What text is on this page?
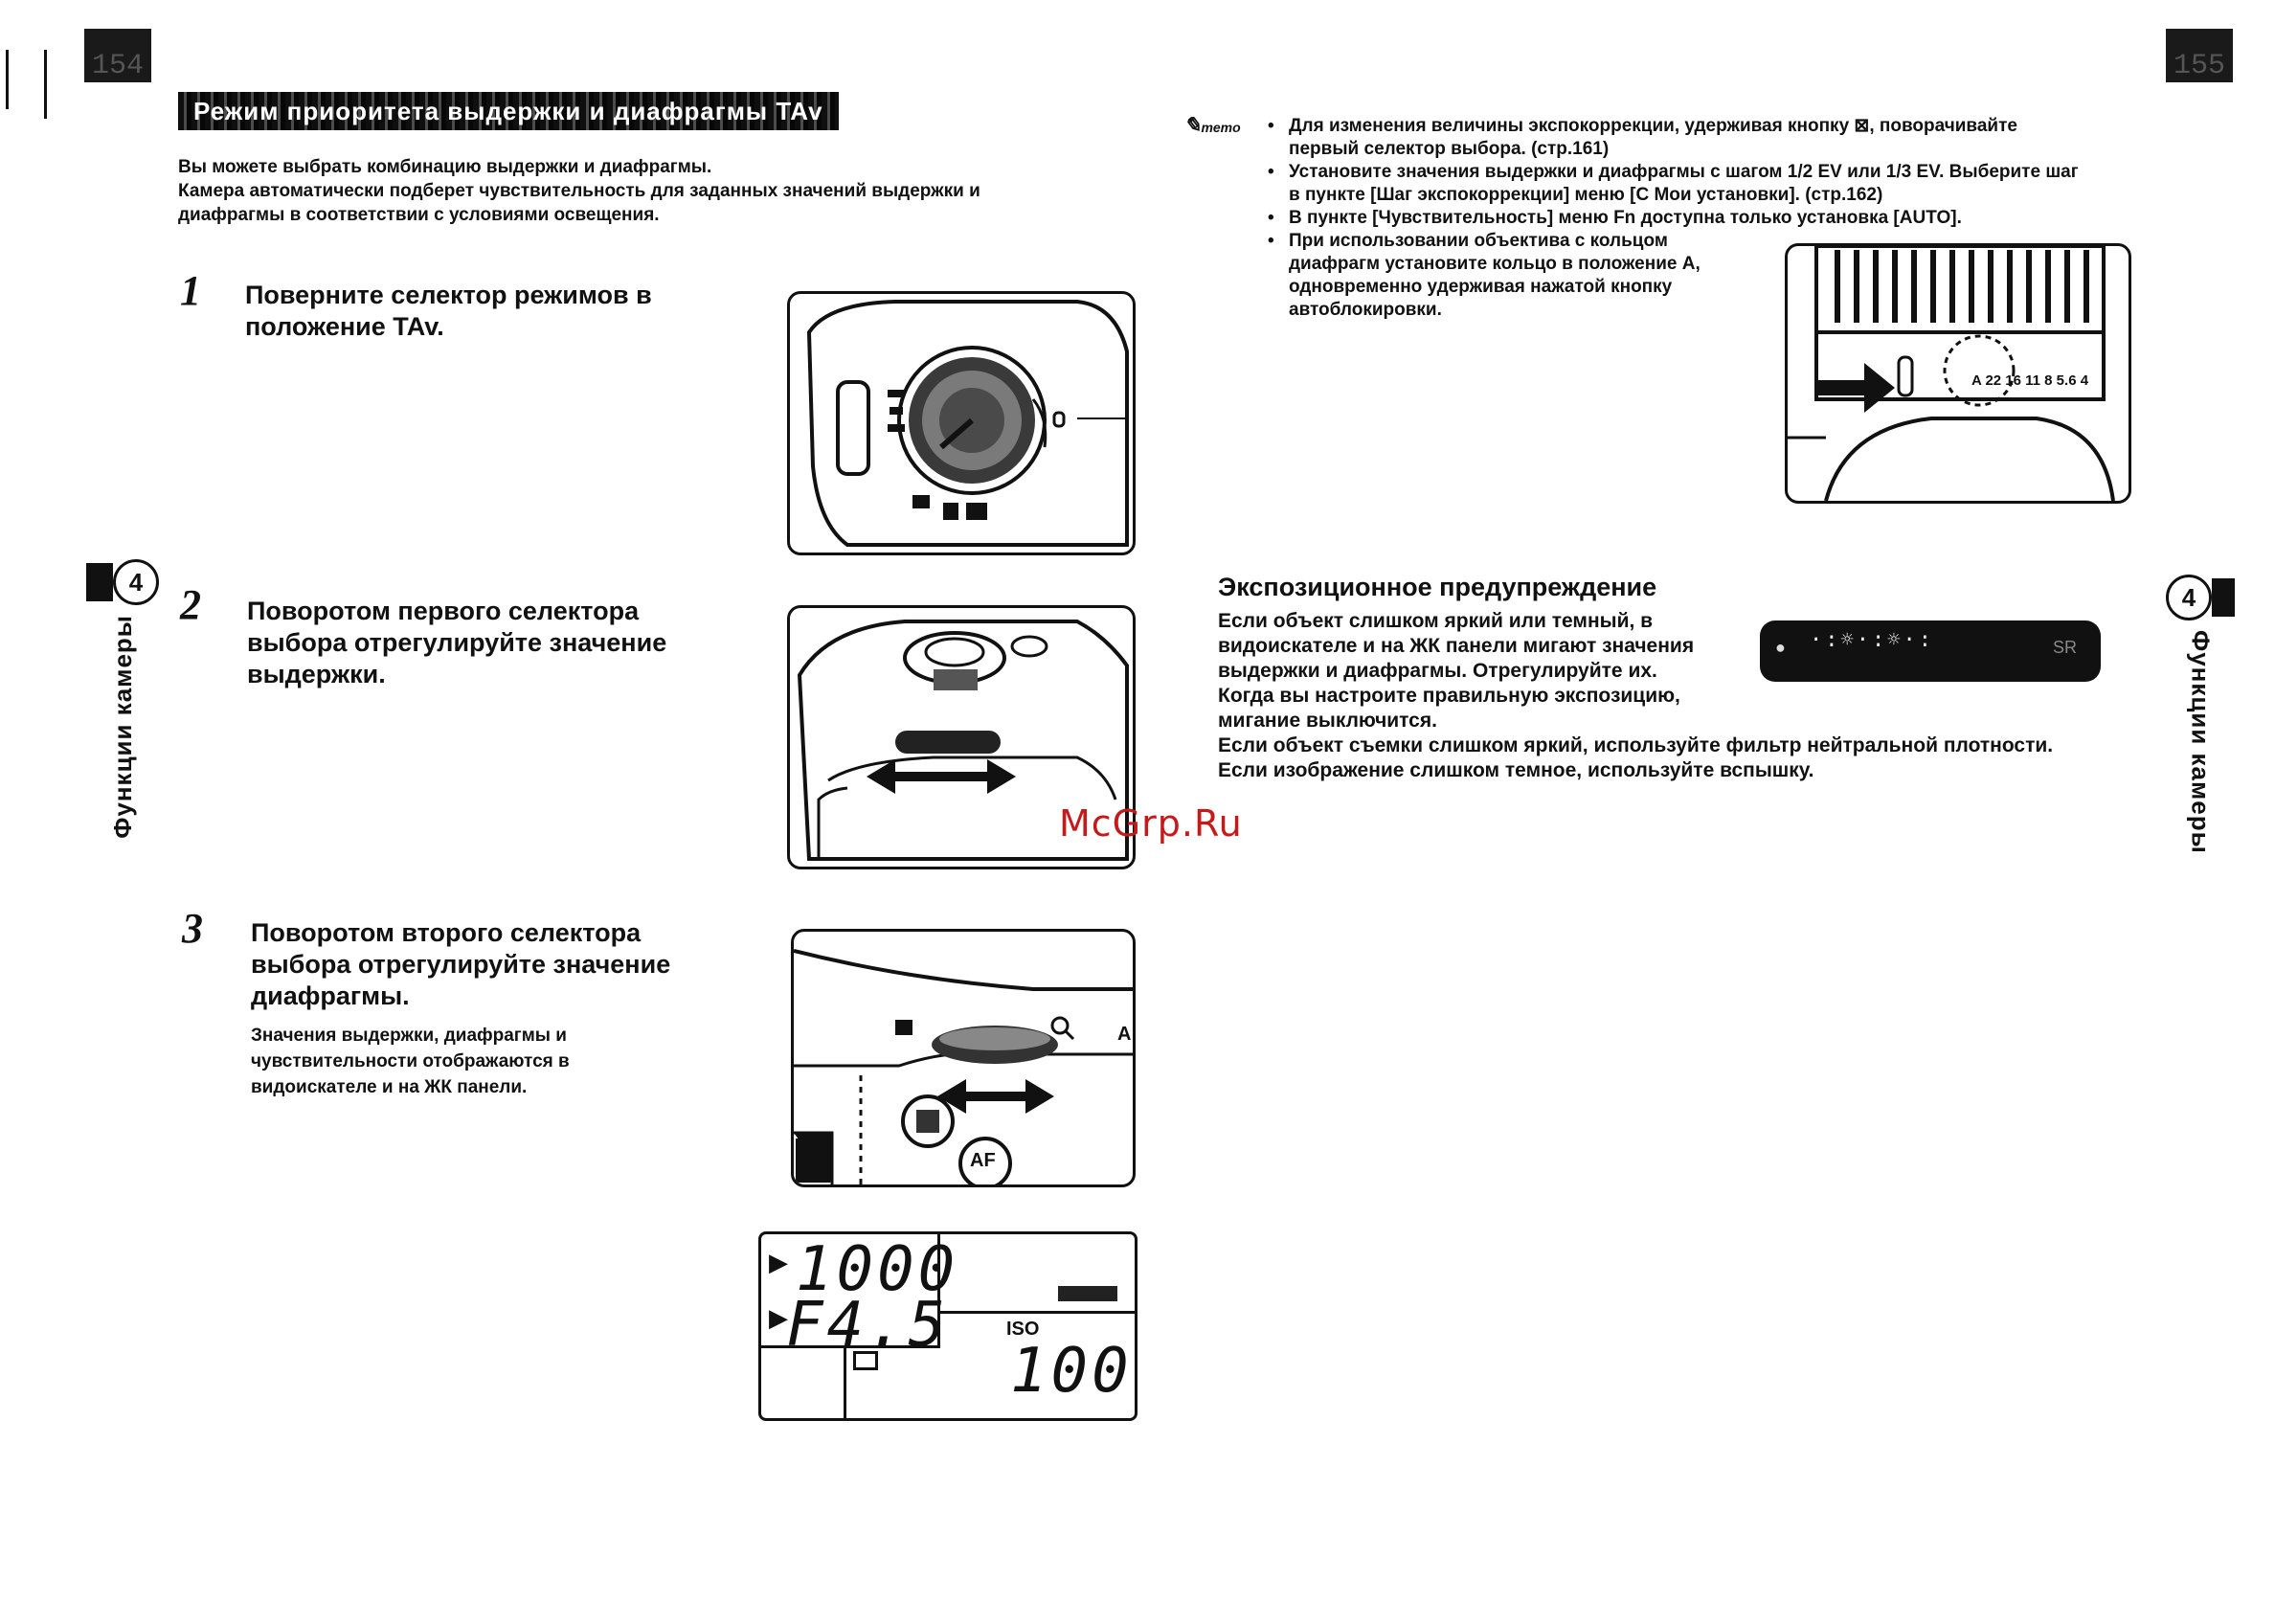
154
Режим приоритета выдержки и диафрагмы TAv
Вы можете выбрать комбинацию выдержки и диафрагмы.
Камера автоматически подберет чувствительность для заданных значений выдержки и
диафрагмы в соответствии с условиями освещения.
1 Поверните селектор режимов в
положение TAv.
2 Поворотом первого селектора
выбора отрегулируйте значение
выдержки.
3 Поворотом второго селектора
выбора отрегулируйте значение
диафрагмы.
Значения выдержки, диафрагмы и
чувствительности отображаются в
видоискателе и на ЖК панели.
AF
A
▶ 1000
▶
F4.5	ISO
100
4
Функции камеры
155
✎memo
•	Для изменения величины экспокоррекции, удерживая кнопку ⊠, поворачивайте
первый селектор выбора. (стр.161)
• Установите значения выдержки и диафрагмы с шагом 1/2 EV или 1/3 EV. Выберите шаг
в пункте [Шаг экспокоррекции] меню [C Мои установки]. (стр.162)
• В пункте [Чувствительность] меню Fn доступна только установка [AUTO].
• При использовании объектива с кольцом
диафрагм установите кольцо в положение A,
одновременно удерживая нажатой кнопку
автоблокировки.
A 22 16 11 8 5.6 4
Экспозиционное предупреждение
Если объект слишком яркий или темный, в
видоискателе и на ЖК панели мигают значения
выдержки и диафрагмы. Отрегулируйте их.
Когда вы настроите правильную экспозицию,
мигание выключится.
Если объект съемки слишком яркий, используйте фильтр нейтральной плотности.
Если изображение слишком темное, используйте вспышку.
● ·:☼·:☼·:	SR
McGrp.Ru
4
Функции камеры
